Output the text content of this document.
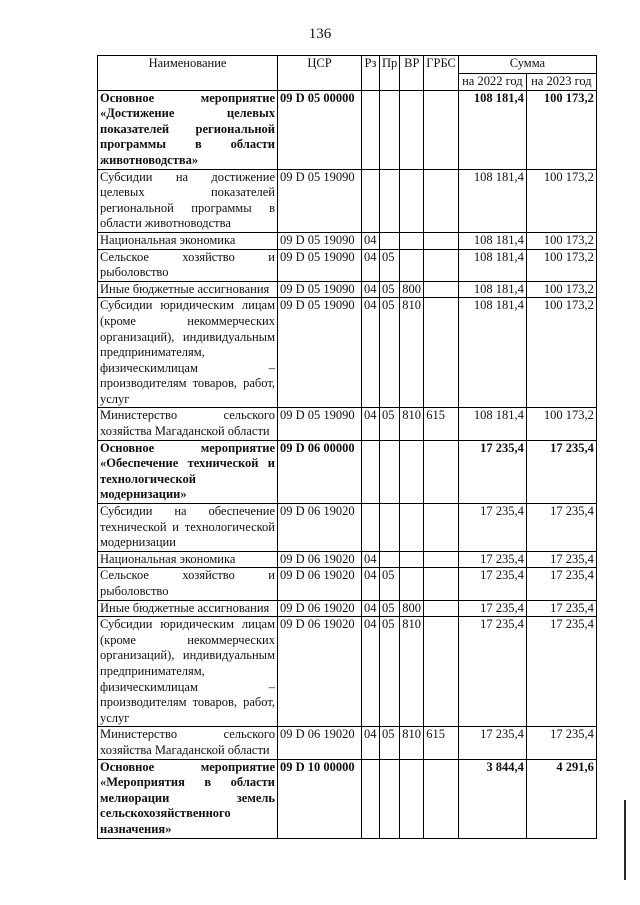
136
Наименование	ЦСР	Рз	Пр	ВР	ГРБС	Сумма	
						на 2022 год	на 2023 год
Основное мероприятие «Достижение целевых показателей региональной программы в области животноводства»	09 D 05 00000					108 181,4	100 173,2
Субсидии на достижение целевых показателей региональной программы в области животноводства	09 D 05 19090					108 181,4	100 173,2
Национальная экономика	09 D 05 19090	04				108 181,4	100 173,2
Сельское хозяйство и рыболовство	09 D 05 19090	04	05			108 181,4	100 173,2
Иные бюджетные ассигнования	09 D 05 19090	04	05	800		108 181,4	100 173,2
Субсидии юридическим лицам (кроме некоммерческих организаций), индивидуальным предпринимателям, физическимлицам – производителям товаров, работ, услуг	09 D 05 19090	04	05	810		108 181,4	100 173,2
Министерство сельского хозяйства Магаданской области	09 D 05 19090	04	05	810	615	108 181,4	100 173,2
Основное мероприятие «Обеспечение технической и технологической модернизации»	09 D 06 00000					17 235,4	17 235,4
Субсидии на обеспечение технической и технологической модернизации	09 D 06 19020					17 235,4	17 235,4
Национальная экономика	09 D 06 19020	04				17 235,4	17 235,4
Сельское хозяйство и рыболовство	09 D 06 19020	04	05			17 235,4	17 235,4
Иные бюджетные ассигнования	09 D 06 19020	04	05	800		17 235,4	17 235,4
Субсидии юридическим лицам (кроме некоммерческих организаций), индивидуальным предпринимателям, физическимлицам – производителям товаров, работ, услуг	09 D 06 19020	04	05	810		17 235,4	17 235,4
Министерство сельского хозяйства Магаданской области	09 D 06 19020	04	05	810	615	17 235,4	17 235,4
Основное мероприятие «Мероприятия в области мелиорации земель сельскохозяйственного назначения»	09 D 10 00000					3 844,4	4 291,6
